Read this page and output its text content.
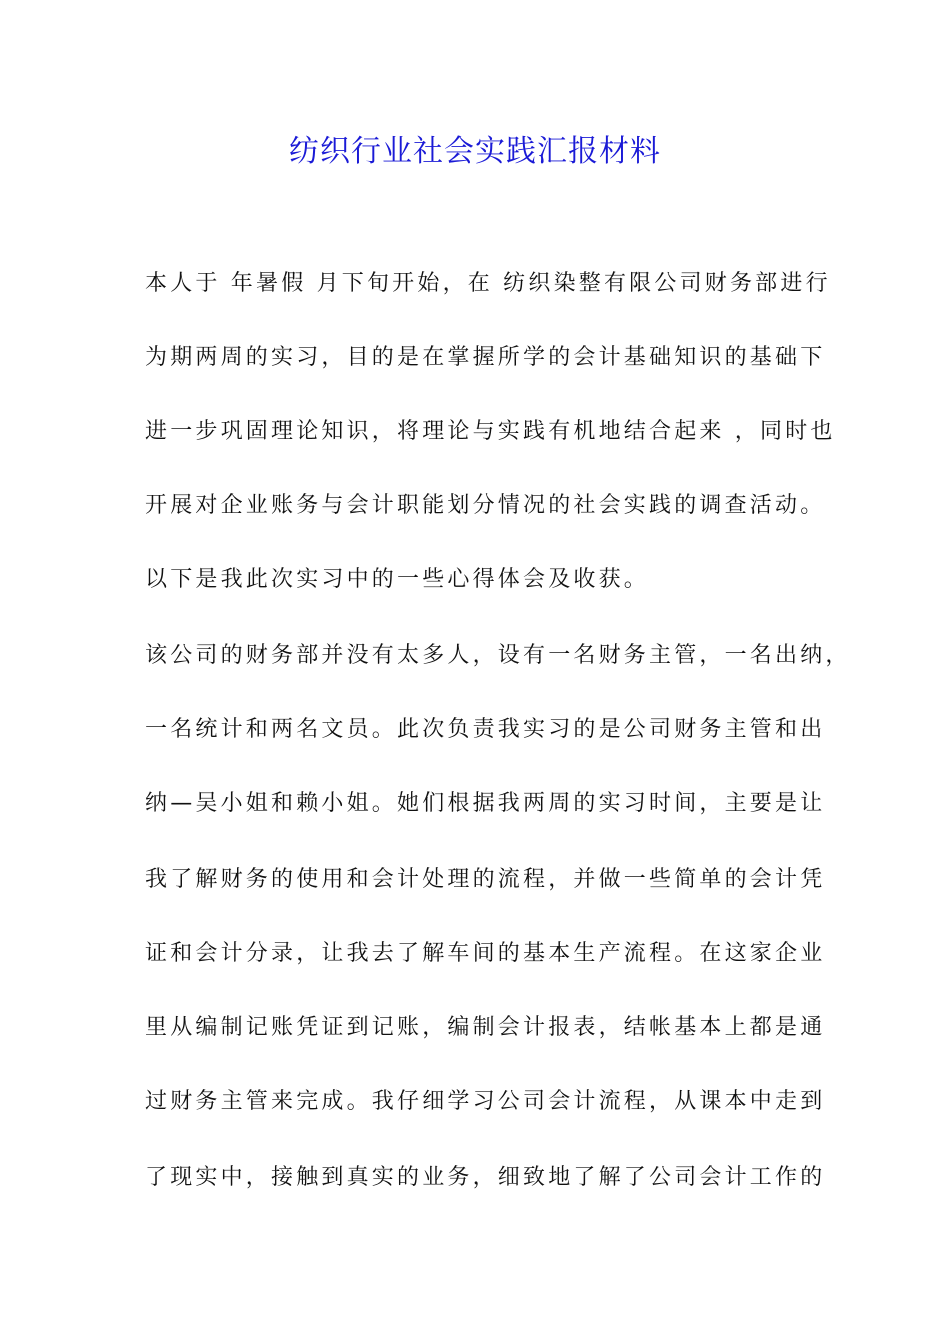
纺织行业社会实践汇报材料
本人于 年暑假 月下旬开始，在 纺织染整有限公司财务部进行
为期两周的实习，目的是在掌握所学的会计基础知识的基础下
进一步巩固理论知识，将理论与实践有机地结合起来 ，同时也
开展对企业账务与会计职能划分情况的社会实践的调查活动。
以下是我此次实习中的一些心得体会及收获。
该公司的财务部并没有太多人，设有一名财务主管，一名出纳，
一名统计和两名文员。此次负责我实习的是公司财务主管和出
纳—吴小姐和赖小姐。她们根据我两周的实习时间，主要是让
我了解财务的使用和会计处理的流程，并做一些简单的会计凭
证和会计分录，让我去了解车间的基本生产流程。在这家企业
里从编制记账凭证到记账，编制会计报表，结帐基本上都是通
过财务主管来完成。我仔细学习公司会计流程，从课本中走到
了现实中，接触到真实的业务，细致地了解了公司会计工作的
